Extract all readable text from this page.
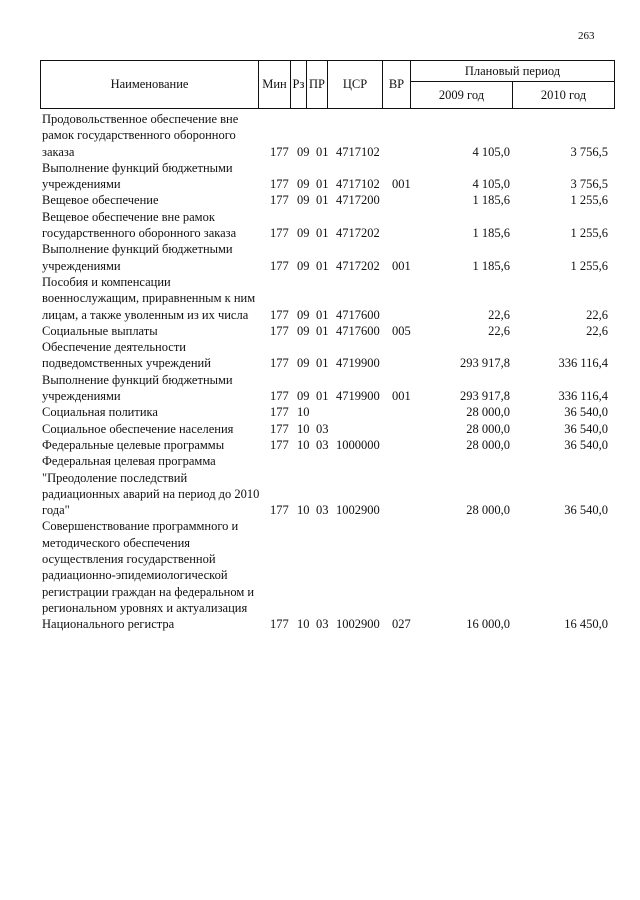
263
Наименование	Мин	Рз	ПР	ЦСР	ВР	Плановый период	
						2009 год	2010 год
Продовольственное обеспечение вне рамок государственного оборонного заказа	177	09	01	4717102		4 105,0	3 756,5
Выполнение функций бюджетными учреждениями	177	09	01	4717102	001	4 105,0	3 756,5
Вещевое обеспечение	177	09	01	4717200		1 185,6	1 255,6
Вещевое обеспечение вне рамок государственного оборонного заказа	177	09	01	4717202		1 185,6	1 255,6
Выполнение функций бюджетными учреждениями	177	09	01	4717202	001	1 185,6	1 255,6
Пособия и компенсации военнослужащим, приравненным к ним лицам, а также уволенным из их числа	177	09	01	4717600		22,6	22,6
Социальные выплаты	177	09	01	4717600	005	22,6	22,6
Обеспечение деятельности подведомственных учреждений	177	09	01	4719900		293 917,8	336 116,4
Выполнение функций бюджетными учреждениями	177	09	01	4719900	001	293 917,8	336 116,4
Социальная политика	177	10				28 000,0	36 540,0
Социальное обеспечение населения	177	10	03			28 000,0	36 540,0
Федеральные целевые программы	177	10	03	1000000		28 000,0	36 540,0
Федеральная целевая программа "Преодоление последствий радиационных аварий на период до 2010 года"	177	10	03	1002900		28 000,0	36 540,0
Совершенствование программного и методического обеспечения осуществления государственной радиационно-эпидемиологической регистрации граждан на федеральном и региональном уровнях и актуализация Национального регистра	177	10	03	1002900	027	16 000,0	16 450,0
